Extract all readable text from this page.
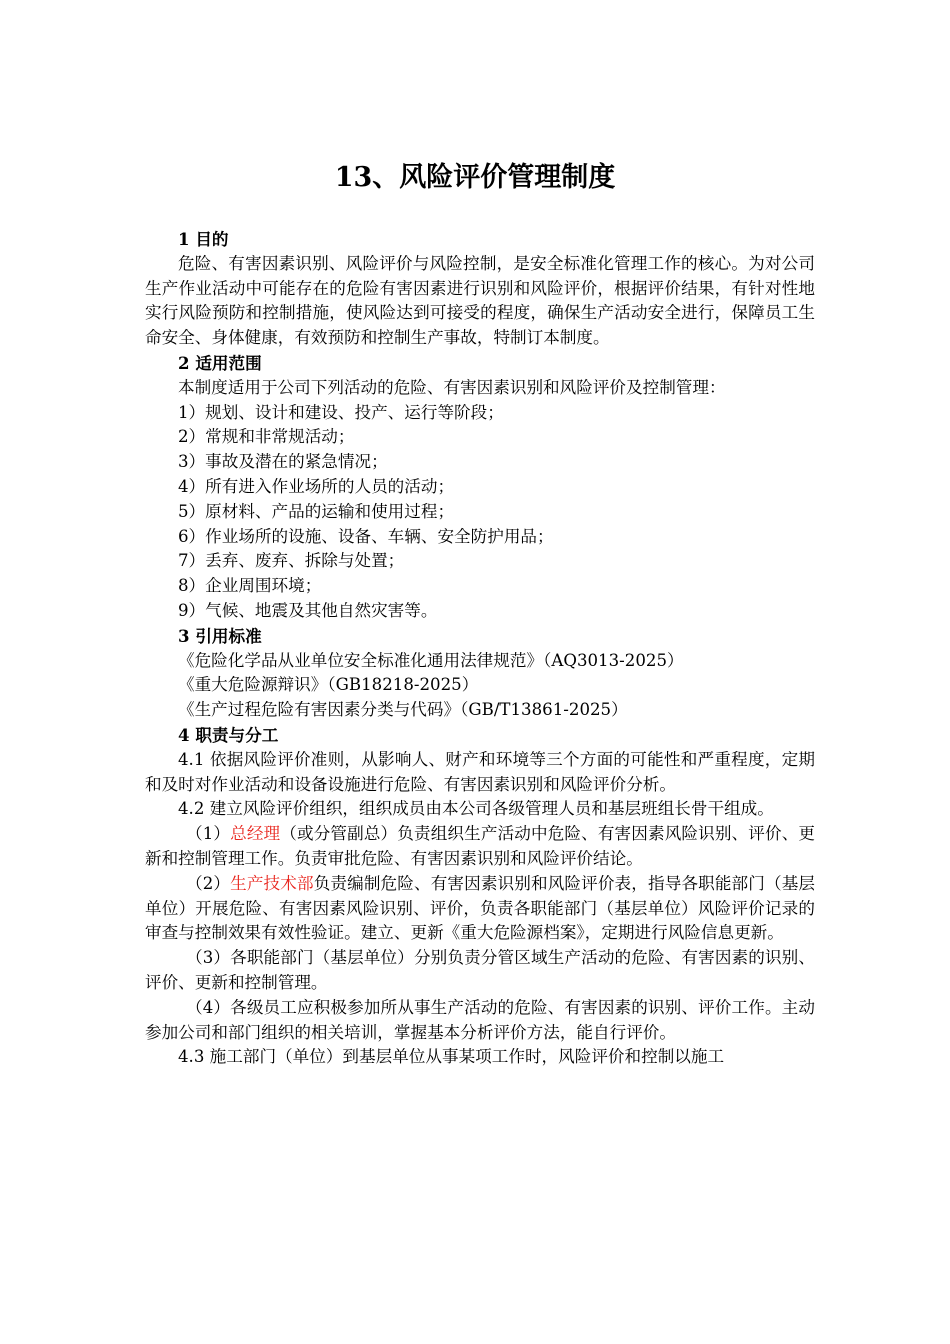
13、风险评价管理制度

1 目的

危险、有害因素识别、风险评价与风险控制，是安全标准化管理工作的核心。为对公司生产作业活动中可能存在的危险有害因素进行识别和风险评价，根据评价结果，有针对性地实行风险预防和控制措施，使风险达到可接受的程度，确保生产活动安全进行，保障员工生命安全、身体健康，有效预防和控制生产事故，特制订本制度。

2 适用范围

本制度适用于公司下列活动的危险、有害因素识别和风险评价及控制管理：

1）规划、设计和建设、投产、运行等阶段；

2）常规和非常规活动；

3）事故及潜在的紧急情况；

4）所有进入作业场所的人员的活动；

5）原材料、产品的运输和使用过程；

6）作业场所的设施、设备、车辆、安全防护用品；

7）丢弃、废弃、拆除与处置；

8）企业周围环境；

9）气候、地震及其他自然灾害等。

3 引用标准

《危险化学品从业单位安全标准化通用法律规范》（AQ3013-2025）

《重大危险源辩识》（GB18218-2025）

《生产过程危险有害因素分类与代码》（GB/T13861-2025）

4 职责与分工

4.1 依据风险评价准则，从影响人、财产和环境等三个方面的可能性和严重程度，定期和及时对作业活动和设备设施进行危险、有害因素识别和风险评价分析。

4.2 建立风险评价组织，组织成员由本公司各级管理人员和基层班组长骨干组成。

（1）总经理（或分管副总）负责组织生产活动中危险、有害因素风险识别、评价、更新和控制管理工作。负责审批危险、有害因素识别和风险评价结论。

（2）生产技术部负责编制危险、有害因素识别和风险评价表，指导各职能部门（基层单位）开展危险、有害因素风险识别、评价，负责各职能部门（基层单位）风险评价记录的审查与控制效果有效性验证。建立、更新《重大危险源档案》，定期进行风险信息更新。

（3）各职能部门（基层单位）分别负责分管区域生产活动的危险、有害因素的识别、评价、更新和控制管理。

（4）各级员工应积极参加所从事生产活动的危险、有害因素的识别、评价工作。主动参加公司和部门组织的相关培训，掌握基本分析评价方法，能自行评价。

4.3 施工部门（单位）到基层单位从事某项工作时，风险评价和控制以施工
